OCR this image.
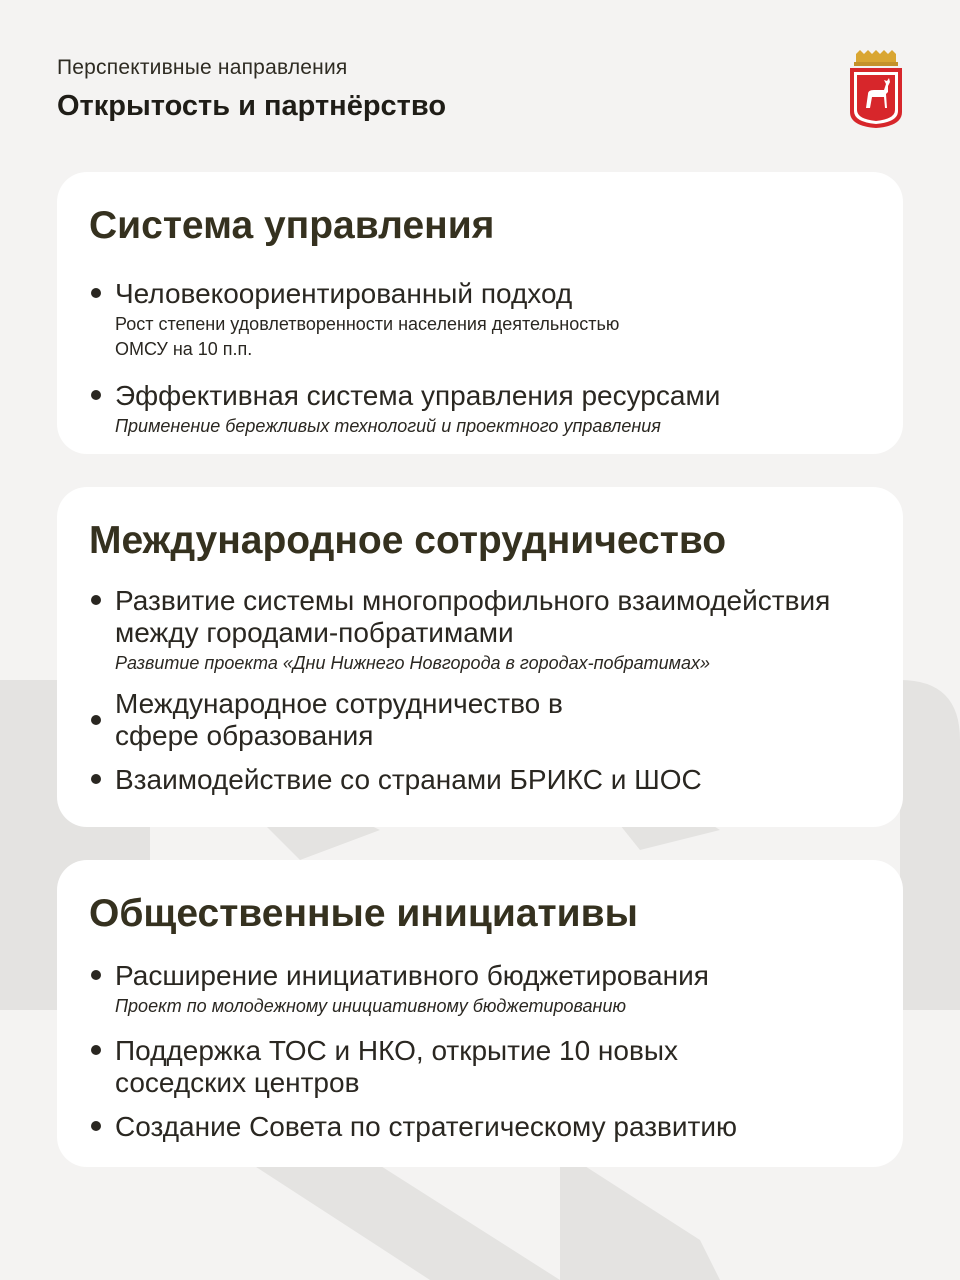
Перспективные направления

Открытость и партнёрство

Система управления

Человекоориентированный подход

Рост степени удовлетворенности населения деятельностью ОМСУ на 10 п.п.

Эффективная система управления ресурсами

Применение бережливых технологий и проектного управления

Международное сотрудничество

Развитие системы многопрофильного взаимодействия между городами-побратимами

Развитие проекта «Дни Нижнего Новгорода в городах-побратимах»

Международное сотрудничество в сфере образования

Взаимодействие со странами БРИКС и ШОС

Общественные инициативы

Расширение инициативного бюджетирования

Проект по молодежному инициативному бюджетированию

Поддержка ТОС и НКО, открытие 10 новых соседских центров

Создание Совета по стратегическому развитию
